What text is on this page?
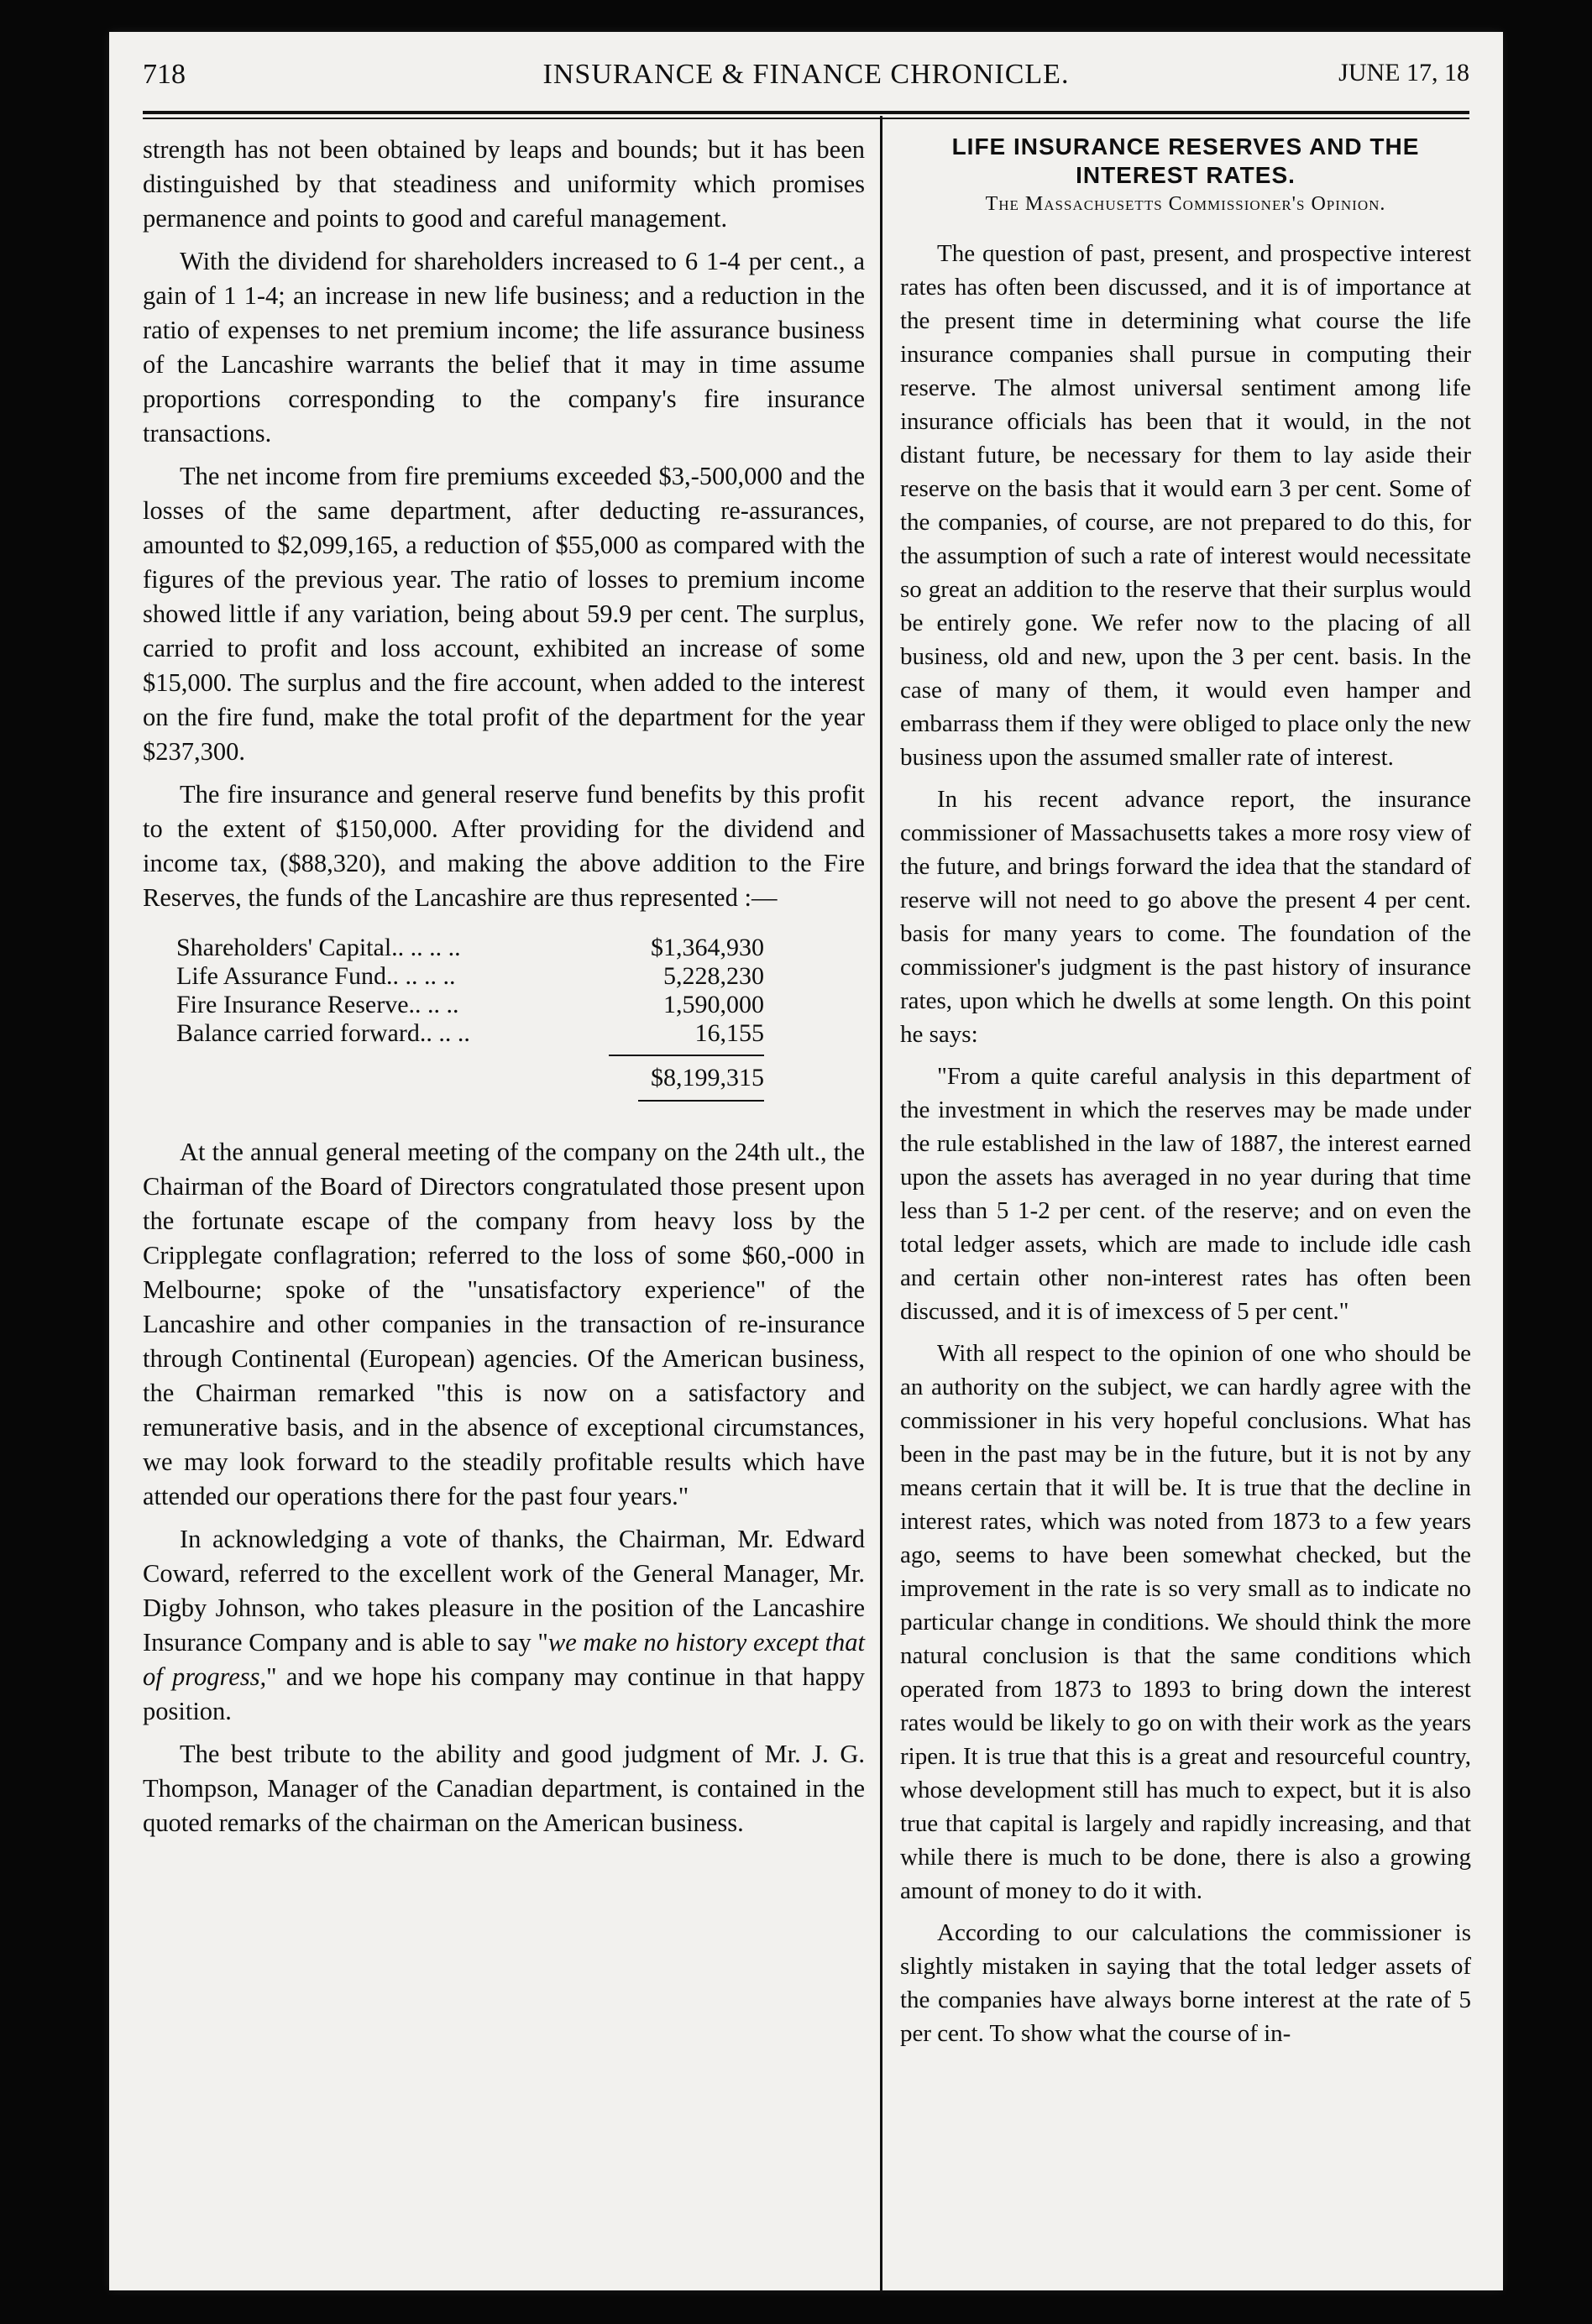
718	INSURANCE & FINANCE CHRONICLE.	JUNE 17, 18

strength has not been obtained by leaps and bounds; but it has been distinguished by that steadiness and uniformity which promises permanence and points to good and careful management.

With the dividend for shareholders increased to 6 1-4 per cent., a gain of 1 1-4; an increase in new life business; and a reduction in the ratio of expenses to net premium income; the life assurance business of the Lancashire warrants the belief that it may in time assume proportions corresponding to the company's fire insurance transactions.

The net income from fire premiums exceeded $3,-500,000 and the losses of the same department, after deducting re-assurances, amounted to $2,099,165, a reduction of $55,000 as compared with the figures of the previous year. The ratio of losses to premium income showed little if any variation, being about 59.9 per cent. The surplus, carried to profit and loss account, exhibited an increase of some $15,000. The surplus and the fire account, when added to the interest on the fire fund, make the total profit of the department for the year $237,300.

The fire insurance and general reserve fund benefits by this profit to the extent of $150,000. After providing for the dividend and income tax, ($88,320), and making the above addition to the Fire Reserves, the funds of the Lancashire are thus represented :—

Shareholders' Capital.. .. .. ..	$1,364,930
Life Assurance Fund.. .. .. ..	5,228,230
Fire Insurance Reserve.. .. ..	1,590,000
Balance carried forward.. .. ..	16,155
$8,199,315

At the annual general meeting of the company on the 24th ult., the Chairman of the Board of Directors congratulated those present upon the fortunate escape of the company from heavy loss by the Cripplegate conflagration; referred to the loss of some $60,-000 in Melbourne; spoke of the "unsatisfactory experience" of the Lancashire and other companies in the transaction of re-insurance through Continental (European) agencies. Of the American business, the Chairman remarked "this is now on a satisfactory and remunerative basis, and in the absence of exceptional circumstances, we may look forward to the steadily profitable results which have attended our operations there for the past four years."

In acknowledging a vote of thanks, the Chairman, Mr. Edward Coward, referred to the excellent work of the General Manager, Mr. Digby Johnson, who takes pleasure in the position of the Lancashire Insurance Company and is able to say "we make no history except that of progress," and we hope his company may continue in that happy position.

The best tribute to the ability and good judgment of Mr. J. G. Thompson, Manager of the Canadian department, is contained in the quoted remarks of the chairman on the American business.

LIFE INSURANCE RESERVES AND THE INTEREST RATES.
The Massachusetts Commissioner's Opinion.

The question of past, present, and prospective interest rates has often been discussed, and it is of importance at the present time in determining what course the life insurance companies shall pursue in computing their reserve. The almost universal sentiment among life insurance officials has been that it would, in the not distant future, be necessary for them to lay aside their reserve on the basis that it would earn 3 per cent. Some of the companies, of course, are not prepared to do this, for the assumption of such a rate of interest would necessitate so great an addition to the reserve that their surplus would be entirely gone. We refer now to the placing of all business, old and new, upon the 3 per cent. basis. In the case of many of them, it would even hamper and embarrass them if they were obliged to place only the new business upon the assumed smaller rate of interest.

In his recent advance report, the insurance commissioner of Massachusetts takes a more rosy view of the future, and brings forward the idea that the standard of reserve will not need to go above the present 4 per cent. basis for many years to come. The foundation of the commissioner's judgment is the past history of insurance rates, upon which he dwells at some length. On this point he says:

"From a quite careful analysis in this department of the investment in which the reserves may be made under the rule established in the law of 1887, the interest earned upon the assets has averaged in no year during that time less than 5 1-2 per cent. of the reserve; and on even the total ledger assets, which are made to include idle cash and certain other non-interest rates has often been discussed, and it is of imexcess of 5 per cent."

With all respect to the opinion of one who should be an authority on the subject, we can hardly agree with the commissioner in his very hopeful conclusions. What has been in the past may be in the future, but it is not by any means certain that it will be. It is true that the decline in interest rates, which was noted from 1873 to a few years ago, seems to have been somewhat checked, but the improvement in the rate is so very small as to indicate no particular change in conditions. We should think the more natural conclusion is that the same conditions which operated from 1873 to 1893 to bring down the interest rates would be likely to go on with their work as the years ripen. It is true that this is a great and resourceful country, whose development still has much to expect, but it is also true that capital is largely and rapidly increasing, and that while there is much to be done, there is also a growing amount of money to do it with.

According to our calculations the commissioner is slightly mistaken in saying that the total ledger assets of the companies have always borne interest at the rate of 5 per cent. To show what the course of in-
